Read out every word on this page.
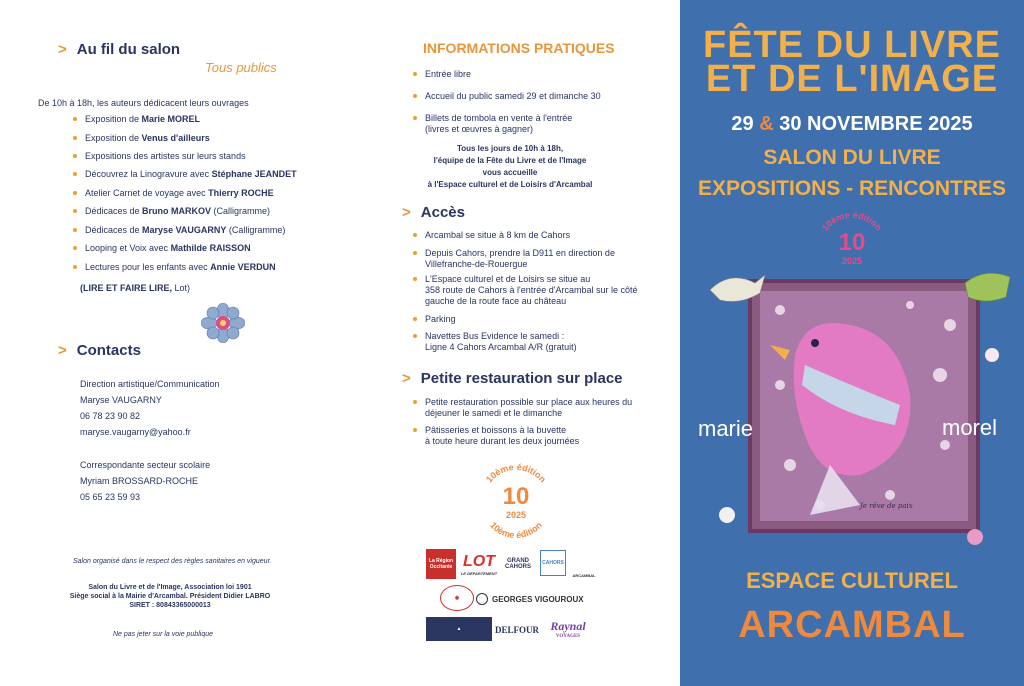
> Au fil du salon
Tous publics
De 10h à 18h, les auteurs dédicacent leurs ouvrages
Exposition de Marie MOREL
Exposition de Venus d'ailleurs
Expositions des artistes sur leurs stands
Découvrez la Linogravure avec Stéphane JEANDET
Atelier Carnet de voyage avec Thierry ROCHE
Dédicaces de Bruno MARKOV (Calligramme)
Dédicaces de Maryse VAUGARNY (Calligramme)
Looping et Voix avec Mathilde RAISSON
Lectures pour les enfants avec Annie VERDUN
(LIRE ET FAIRE LIRE, Lot)
> Contacts
Direction artistique/Communication
Maryse VAUGARNY
06 78 23 90 82
maryse.vaugarny@yahoo.fr
Correspondante secteur scolaire
Myriam BROSSARD-ROCHE
05 65 23 59 93
Salon organisé dans le respect des règles sanitaires en vigueur.
Salon du Livre et de l'Image, Association loi 1901
Siège social à la Mairie d'Arcambal. Président Didier LABRO
SIRET : 80843365000013
Ne pas jeter sur la voie publique
INFORMATIONS PRATIQUES
Entrée libre
Accueil du public samedi 29 et dimanche 30
Billets de tombola en vente à l'entrée
(livres et œuvres à gagner)
Tous les jours de 10h à 18h,
l'équipe de la Fête du Livre et de l'Image
vous accueille
à l'Espace culturel et de Loisirs d'Arcambal
> Accès
Arcambal se situe à 8 km de Cahors
Depuis Cahors, prendre la D911 en direction de
Villefranche-de-Rouergue
L'Espace culturel et de Loisirs se situe au
358 route de Cahors à l'entrée d'Arcambal sur le côté
gauche de la route face au château
Parking
Navettes Bus Evidence le samedi :
Ligne 4 Cahors Arcambal A/R (gratuit)
> Petite restauration sur place
Petite restauration possible sur place aux heures du
déjeuner le samedi et le dimanche
Pâtisseries et boissons à la buvette
à toute heure durant les deux journées
10ème édition
10
2025
10ème édition
La Région Occitanie LOT
LE DÉPARTEMENT
GRAND CAHORS
CAHORS
ARCAMBAL
◉	GEORGES VIGOUROUX
▲	DELFOUR Raynal
VOYAGES
FÊTE DU LIVRE
ET DE L'IMAGE
29 & 30 NOVEMBRE 2025
SALON DU LIVRE
EXPOSITIONS - RENCONTRES
10ème édition
10
2025
Je rêve de paix
marie	morel
ESPACE CULTUREL
ARCAMBAL
